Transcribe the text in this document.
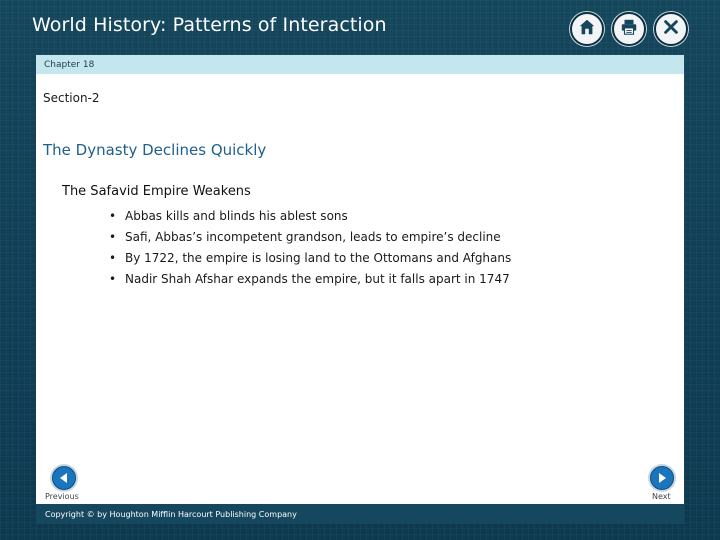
World History: Patterns of Interaction
Chapter 18
Section-2
The Dynasty Declines Quickly
The Safavid Empire Weakens
• Abbas kills and blinds his ablest sons
• Safi, Abbas’s incompetent grandson, leads to empire’s decline
• By 1722, the empire is losing land to the Ottomans and Afghans
• Nadir Shah Afshar expands the empire, but it falls apart in 1747
Previous	Next
Copyright © by Houghton Mifflin Harcourt Publishing Company
